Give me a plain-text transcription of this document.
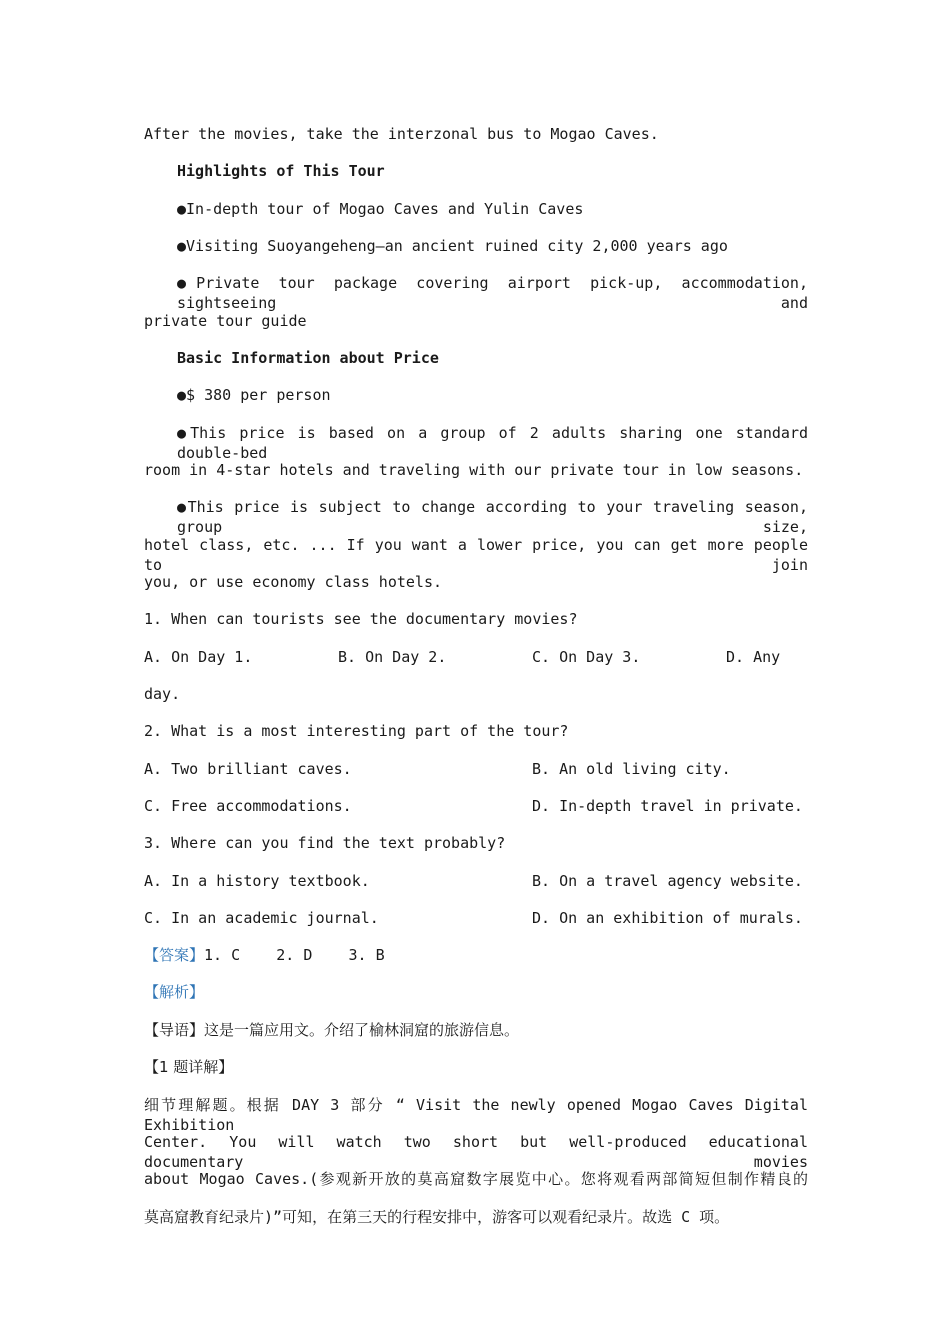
After the movies, take the interzonal bus to Mogao Caves.
Highlights of This Tour
●In-depth tour of Mogao Caves and Yulin Caves
●Visiting Suoyangeheng—an ancient ruined city 2,000 years ago
●Private tour package covering airport pick-up, accommodation, sightseeing and
private tour guide
Basic Information about Price
●$ 380 per person
●This price is based on a group of 2 adults sharing one standard double-bed
room in 4-star hotels and traveling with our private tour in low seasons.
●This price is subject to change according to your traveling season, group size,
hotel class, etc. ... If you want a lower price, you can get more people to join
you, or use economy class hotels.
1. When can tourists see the documentary movies?
A. On Day 1.	B. On Day 2.	C. On Day 3.	D. Any
day.
2. What is a most interesting part of the tour?
A. Two brilliant caves.	B. An old living city.
C. Free accommodations.	D. In-depth travel in private.
3. Where can you find the text probably?
A. In a history textbook.	B. On a travel agency website.
C. In an academic journal.	D. On an exhibition of murals.
【答案】1. C    2. D    3. B
【解析】
【导语】这是一篇应用文。介绍了榆林洞窟的旅游信息。
【1 题详解】
细节理解题。根据 DAY 3 部分 “ Visit the newly opened Mogao Caves Digital Exhibition
Center. You will watch two short but well-produced educational documentary movies
about Mogao Caves.(参观新开放的莫高窟数字展览中心。您将观看两部简短但制作精良的
莫高窟教育纪录片)”可知，在第三天的行程安排中，游客可以观看纪录片。故选 C 项。
